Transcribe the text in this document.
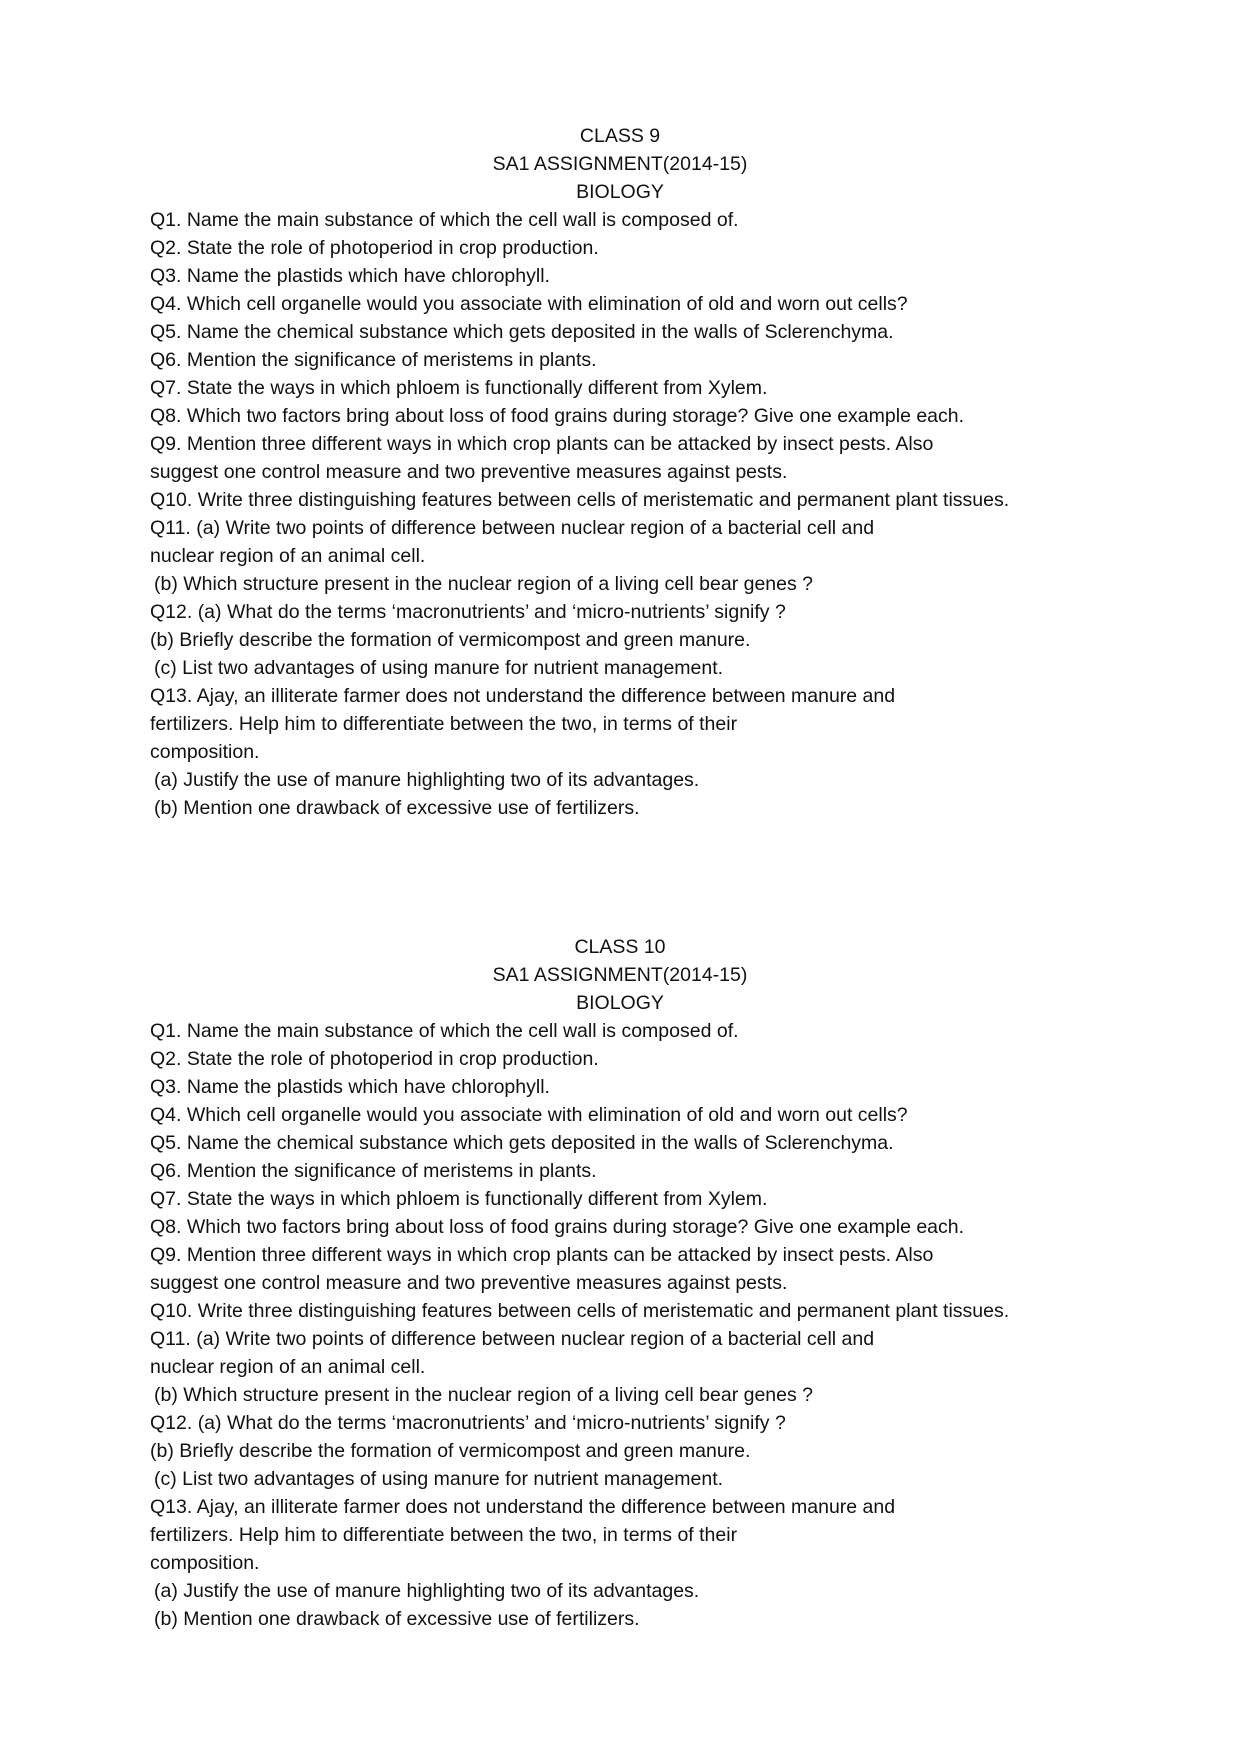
CLASS 9

SA1 ASSIGNMENT(2014-15)

BIOLOGY

Q1. Name the main substance of which the cell wall is composed of.

Q2. State the role of photoperiod in crop production.

Q3. Name the plastids which have chlorophyll.

Q4. Which cell organelle would you associate with elimination of old and worn out cells?

Q5. Name the chemical substance which gets deposited in the walls of Sclerenchyma.

Q6. Mention the significance of meristems in plants.

Q7. State the ways in which phloem is functionally different from Xylem.

Q8. Which two factors bring about loss of food grains during storage? Give one example each.

Q9. Mention three different ways in which crop plants can be attacked by insect pests. Also

suggest one control measure and two preventive measures against pests.

Q10. Write three distinguishing features between cells of meristematic and permanent plant tissues.

Q11. (a) Write two points of difference between nuclear region of a bacterial cell and

nuclear region of an animal cell.

(b) Which structure present in the nuclear region of a living cell bear genes ?

Q12. (a) What do the terms ‘macronutrients’ and ‘micro-nutrients’ signify ?

(b) Briefly describe the formation of vermicompost and green manure.

(c) List two advantages of using manure for nutrient management.

Q13. Ajay, an illiterate farmer does not understand the difference between manure and

fertilizers. Help him to differentiate between the two, in terms of their

composition.

(a) Justify the use of manure highlighting two of its advantages.

(b) Mention one drawback of excessive use of fertilizers.

CLASS 10

SA1 ASSIGNMENT(2014-15)

BIOLOGY

Q1. Name the main substance of which the cell wall is composed of.

Q2. State the role of photoperiod in crop production.

Q3. Name the plastids which have chlorophyll.

Q4. Which cell organelle would you associate with elimination of old and worn out cells?

Q5. Name the chemical substance which gets deposited in the walls of Sclerenchyma.

Q6. Mention the significance of meristems in plants.

Q7. State the ways in which phloem is functionally different from Xylem.

Q8. Which two factors bring about loss of food grains during storage? Give one example each.

Q9. Mention three different ways in which crop plants can be attacked by insect pests. Also

suggest one control measure and two preventive measures against pests.

Q10. Write three distinguishing features between cells of meristematic and permanent plant tissues.

Q11. (a) Write two points of difference between nuclear region of a bacterial cell and

nuclear region of an animal cell.

(b) Which structure present in the nuclear region of a living cell bear genes ?

Q12. (a) What do the terms ‘macronutrients’ and ‘micro-nutrients’ signify ?

(b) Briefly describe the formation of vermicompost and green manure.

(c) List two advantages of using manure for nutrient management.

Q13. Ajay, an illiterate farmer does not understand the difference between manure and

fertilizers. Help him to differentiate between the two, in terms of their

composition.

(a) Justify the use of manure highlighting two of its advantages.

(b) Mention one drawback of excessive use of fertilizers.
